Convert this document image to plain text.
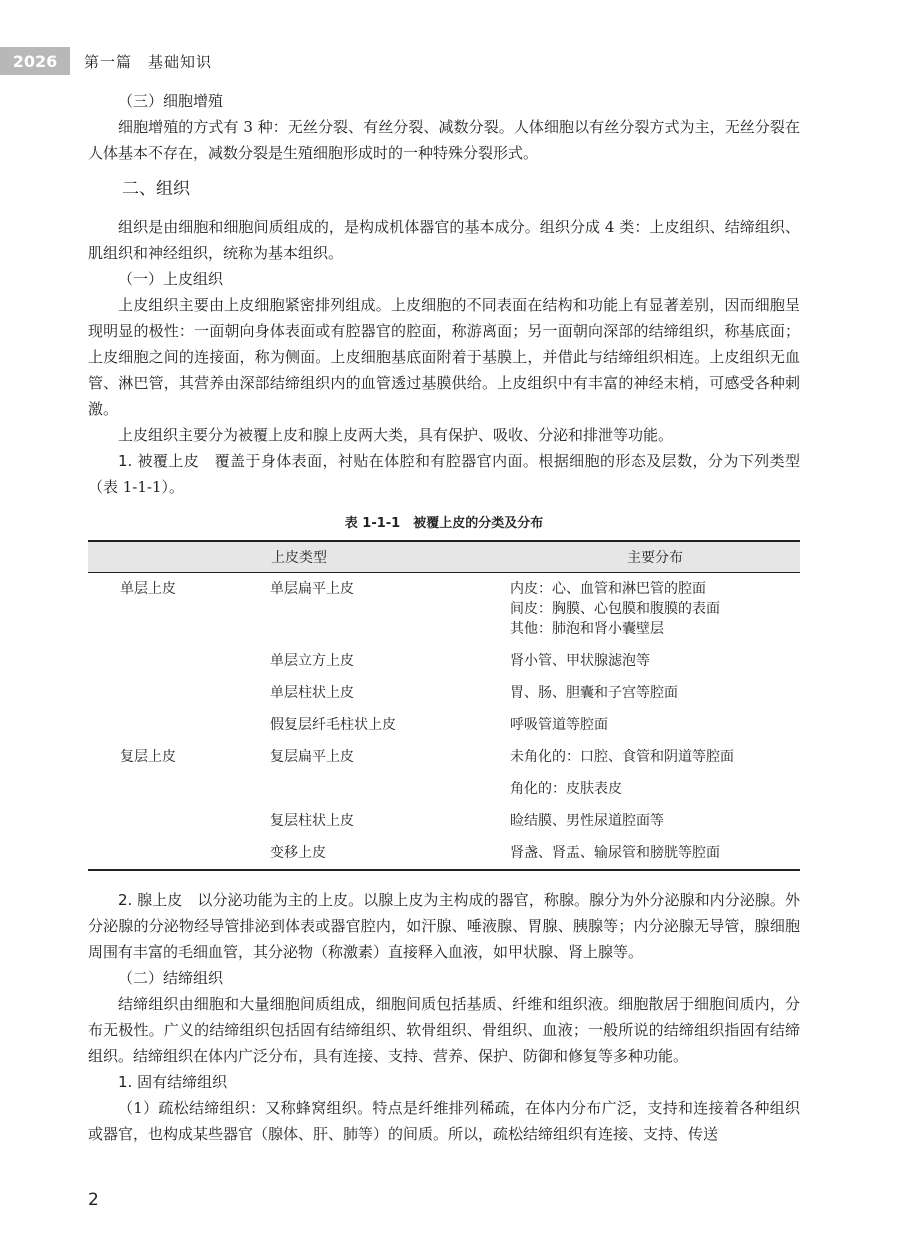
2026	第一篇　基础知识
（三）细胞增殖

细胞增殖的方式有 3 种：无丝分裂、有丝分裂、减数分裂。人体细胞以有丝分裂方式为主，无丝分裂在人体基本不存在，减数分裂是生殖细胞形成时的一种特殊分裂形式。

二、组织

组织是由细胞和细胞间质组成的，是构成机体器官的基本成分。组织分成 4 类：上皮组织、结缔组织、肌组织和神经组织，统称为基本组织。

（一）上皮组织

上皮组织主要由上皮细胞紧密排列组成。上皮细胞的不同表面在结构和功能上有显著差别，因而细胞呈现明显的极性：一面朝向身体表面或有腔器官的腔面，称游离面；另一面朝向深部的结缔组织，称基底面；上皮细胞之间的连接面，称为侧面。上皮细胞基底面附着于基膜上，并借此与结缔组织相连。上皮组织无血管、淋巴管，其营养由深部结缔组织内的血管透过基膜供给。上皮组织中有丰富的神经末梢，可感受各种刺激。

上皮组织主要分为被覆上皮和腺上皮两大类，具有保护、吸收、分泌和排泄等功能。

1. 被覆上皮　 覆盖于身体表面，衬贴在体腔和有腔器官内面。根据细胞的形态及层数，分为下列类型（表 1-1-1）。

表 1-1-1　被覆上皮的分类及分布
上皮类型		主要分布
单层上皮	单层扁平上皮	内皮：心、血管和淋巴管的腔面
间皮：胸膜、心包膜和腹膜的表面
其他：肺泡和肾小囊壁层

	单层立方上皮	肾小管、甲状腺滤泡等

	单层柱状上皮	胃、肠、胆囊和子宫等腔面

	假复层纤毛柱状上皮	呼吸管道等腔面

复层上皮	复层扁平上皮	未角化的：口腔、食管和阴道等腔面

		角化的：皮肤表皮

	复层柱状上皮	睑结膜、男性尿道腔面等

	变移上皮	肾盏、肾盂、输尿管和膀胱等腔面

2. 腺上皮　 以分泌功能为主的上皮。以腺上皮为主构成的器官，称腺。腺分为外分泌腺和内分泌腺。外分泌腺的分泌物经导管排泌到体表或器官腔内，如汗腺、唾液腺、胃腺、胰腺等；内分泌腺无导管，腺细胞周围有丰富的毛细血管，其分泌物（称激素）直接释入血液，如甲状腺、肾上腺等。

（二）结缔组织

结缔组织由细胞和大量细胞间质组成，细胞间质包括基质、纤维和组织液。细胞散居于细胞间质内，分布无极性。广义的结缔组织包括固有结缔组织、软骨组织、骨组织、血液；一般所说的结缔组织指固有结缔组织。结缔组织在体内广泛分布，具有连接、支持、营养、保护、防御和修复等多种功能。

1. 固有结缔组织

（1）疏松结缔组织：又称蜂窝组织。特点是纤维排列稀疏，在体内分布广泛，支持和连接着各种组织或器官，也构成某些器官（腺体、肝、肺等）的间质。所以，疏松结缔组织有连接、支持、传送

2
